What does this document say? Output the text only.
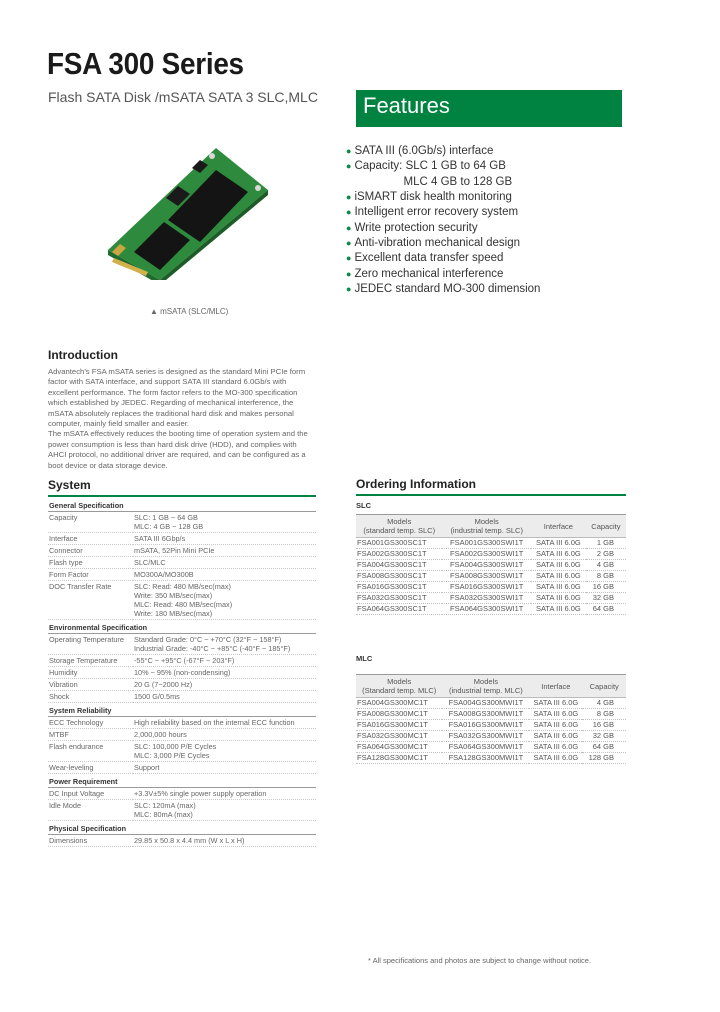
FSA 300 Series
Flash SATA Disk /mSATA SATA 3 SLC,MLC Features
● SATA III (6.0Gb/s) interface
● Capacity: SLC 1 GB to 64 GB
MLC 4 GB to 128 GB
● iSMART disk health monitoring
● Intelligent error recovery system
● Write protection security
● Anti-vibration mechanical design
● Excellent data transfer speed
● Zero mechanical interference
● JEDEC standard MO-300 dimension
▲ mSATA (SLC/MLC)
Introduction

Advantech's FSA mSATA series is designed as the standard Mini PCIe form factor with SATA interface, and support SATA III standard 6.0Gb/s with excellent performance. The form factor refers to the MO-300 specification which established by JEDEC. Regarding of mechanical interference, the mSATA absolutely replaces the traditional hard disk and makes personal computer, mainly field smaller and easier.

The mSATA effectively reduces the booting time of operation system and the power consumption is less than hard disk drive (HDD), and complies with AHCI protocol, no additional driver are required, and can be configured as a boot device or data storage device.

System
General Specification	
Capacity	SLC: 1 GB ~ 64 GB
MLC: 4 GB ~ 128 GB
Interface	SATA III 6Gbp/s
Connector	mSATA, 52Pin Mini PCIe
Flash type	SLC/MLC
Form Factor	MO300A/MO300B
DOC Transfer Rate	SLC: Read: 480 MB/sec(max)
Write: 350 MB/sec(max)
MLC: Read: 480 MB/sec(max)
Write: 180 MB/sec(max)
Environmental Specification	
Operating Temperature	Standard Grade: 0°C ~ +70°C (32°F ~ 158°F)
Industrial Grade: -40°C ~ +85°C (-40°F ~ 185°F)
Storage Temperature	-55°C ~ +95°C (-67°F ~ 203°F)
Humidity	10% ~ 95% (non-condensing)
Vibration	20 G (7~2000 Hz)
Shock	1500 G/0.5ms
System Reliability	
ECC Technology	High reliability based on the internal ECC function
MTBF	2,000,000 hours
Flash endurance	SLC: 100,000 P/E Cycles
MLC: 3,000 P/E Cycles
Wear-leveling	Support
Power Requirement	
DC Input Voltage	+3.3V±5% single power supply operation
Idle Mode	SLC: 120mA (max)
MLC: 80mA (max)
Physical Specification	
Dimensions	29.85 x 50.8 x 4.4 mm (W x L x H)
Ordering Information
SLC
Models
(standard temp. SLC)	Models
(industrial temp. SLC)	Interface	Capacity
FSA001GS300SC1T	FSA001GS300SWI1T	SATA III 6.0G	1 GB
FSA002GS300SC1T	FSA002GS300SWI1T	SATA III 6.0G	2 GB
FSA004GS300SC1T	FSA004GS300SWI1T	SATA III 6.0G	4 GB
FSA008GS300SC1T	FSA008GS300SWI1T	SATA III 6.0G	8 GB
FSA016GS300SC1T	FSA016GS300SWI1T	SATA III 6.0G	16 GB
FSA032GS300SC1T	FSA032GS300SWI1T	SATA III 6.0G	32 GB
FSA064GS300SC1T	FSA064GS300SWI1T	SATA III 6.0G	64 GB
MLC
Models
(Standard temp. MLC)	Models
(industrial temp. MLC)	Interface	Capacity
FSA004GS300MC1T	FSA004GS300MWI1T	SATA III 6.0G	4 GB
FSA008GS300MC1T	FSA008GS300MWI1T	SATA III 6.0G	8 GB
FSA016GS300MC1T	FSA016GS300MWI1T	SATA III 6.0G	16 GB
FSA032GS300MC1T	FSA032GS300MWI1T	SATA III 6.0G	32 GB
FSA064GS300MC1T	FSA064GS300MWI1T	SATA III 6.0G	64 GB
FSA128GS300MC1T	FSA128GS300MWI1T	SATA III 6.0G	128 GB
* All specifications and photos are subject to change without notice.
